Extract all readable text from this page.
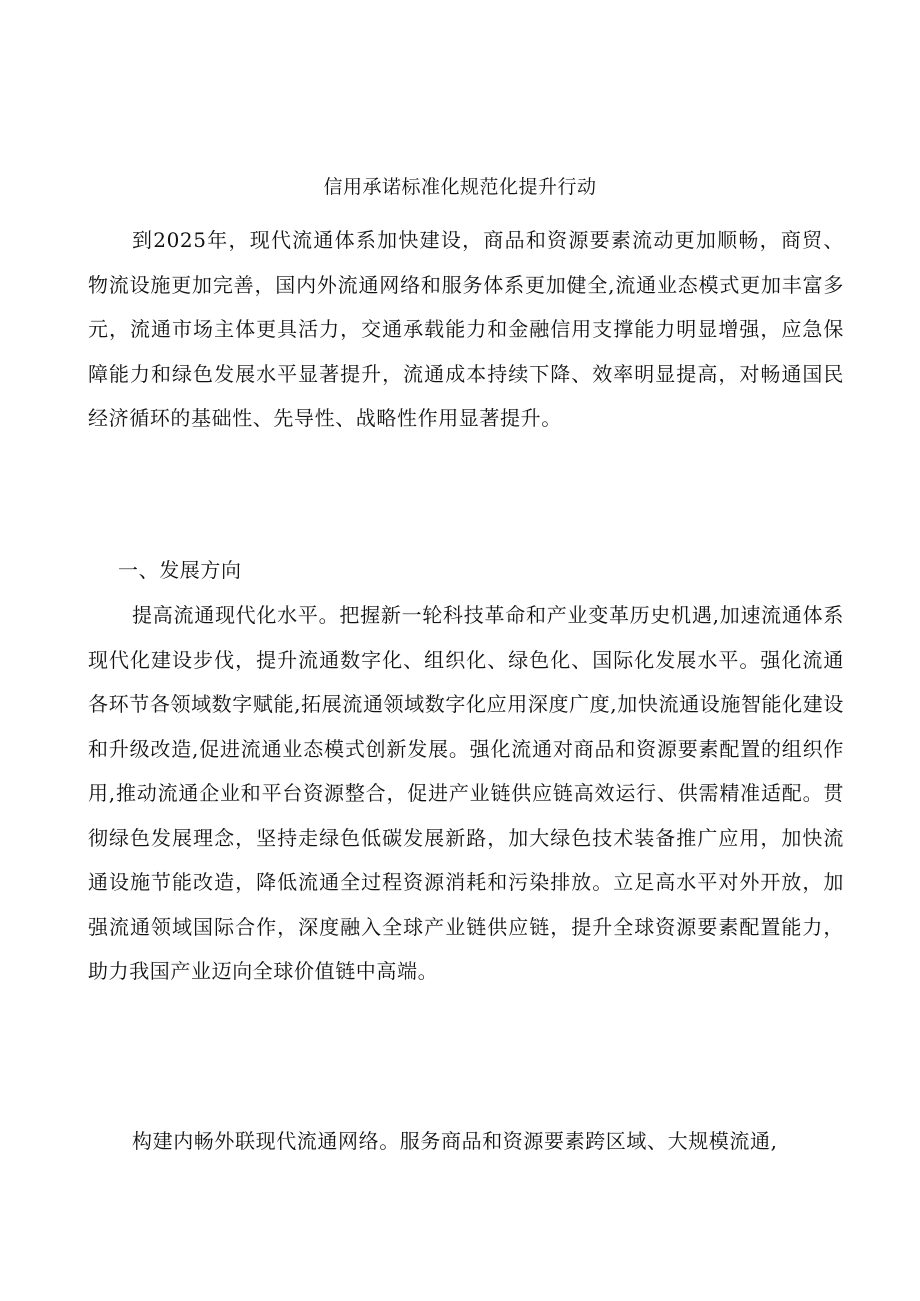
信用承诺标准化规范化提升行动

到2025年，现代流通体系加快建设，商品和资源要素流动更加顺畅，商贸、物流设施更加完善，国内外流通网络和服务体系更加健全,流通业态模式更加丰富多元，流通市场主体更具活力，交通承载能力和金融信用支撑能力明显增强，应急保障能力和绿色发展水平显著提升，流通成本持续下降、效率明显提高，对畅通国民经济循环的基础性、先导性、战略性作用显著提升。

一、发展方向

提高流通现代化水平。把握新一轮科技革命和产业变革历史机遇,加速流通体系现代化建设步伐，提升流通数字化、组织化、绿色化、国际化发展水平。强化流通各环节各领域数字赋能,拓展流通领域数字化应用深度广度,加快流通设施智能化建设和升级改造,促进流通业态模式创新发展。强化流通对商品和资源要素配置的组织作用,推动流通企业和平台资源整合，促进产业链供应链高效运行、供需精准适配。贯彻绿色发展理念，坚持走绿色低碳发展新路，加大绿色技术装备推广应用，加快流通设施节能改造，降低流通全过程资源消耗和污染排放。立足高水平对外开放，加强流通领域国际合作，深度融入全球产业链供应链，提升全球资源要素配置能力，助力我国产业迈向全球价值链中高端。

构建内畅外联现代流通网络。服务商品和资源要素跨区域、大规模流通,
